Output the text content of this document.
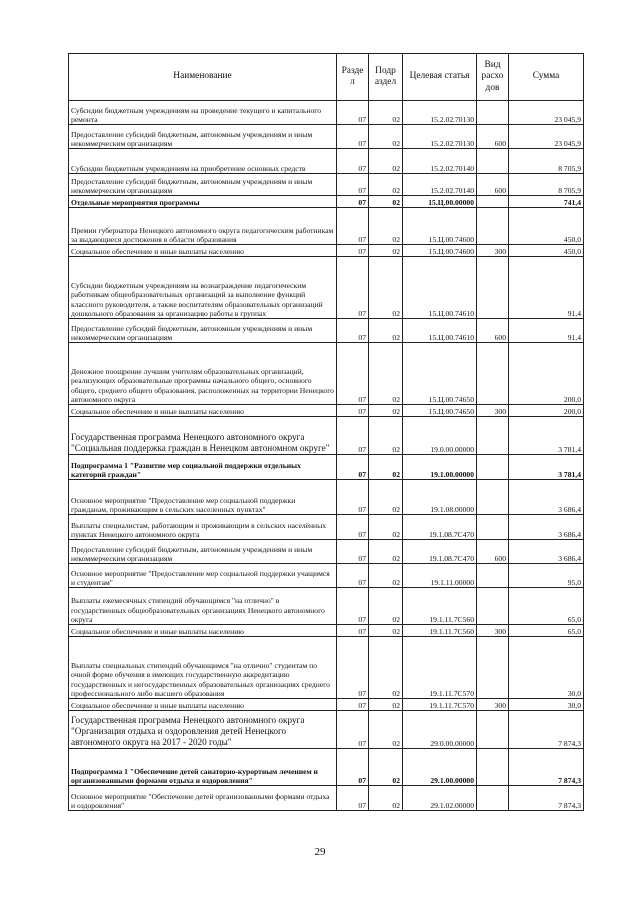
Наименование	Разде л	Подр аздел	Целевая статья	Вид расхо дов	Сумма
Субсидии бюджетным учреждениям на проведение текущего и капитального ремонта	07	02	15.2.02.70130		23 045,9
Предоставление субсидий бюджетным, автономным учреждениям и иным некоммерческим организациям	07	02	15.2.02.70130	600	23 045,9
Субсидии бюджетным учреждениям на приобретение основных средств	07	02	15.2.02.70140		8 705,9
Предоставление субсидий бюджетным, автономным учреждениям и иным некоммерческим организациям	07	02	15.2.02.70140	600	8 705,9
Отдельные мероприятия программы	07	02	15.Ц.00.00000		741,4
Премии губернатора Ненецкого автономного округа педагогическим работникам за выдающиеся достижения в области образования	07	02	15.Ц.00.74600		450,0
Социальное обеспечение и иные выплаты населению	07	02	15.Ц.00.74600	300	450,0
Субсидии бюджетным учреждениям на вознаграждение педагогическим работникам общеобразовательных организаций за выполнение функций классного руководителя, а также воспитателям образовательных организаций дошкольного образования за организацию работы в группах	07	02	15.Ц.00.74610		91,4
Предоставление субсидий бюджетным, автономным учреждениям и иным некоммерческим организациям	07	02	15.Ц.00.74610	600	91,4
Денежное поощрение лучшим учителям образовательных организаций, реализующих образовательные программы начального общего, основного общего, среднего общего образования, расположенных на территории Ненецкого автономного округа	07	02	15.Ц.00.74650		200,0
Социальное обеспечение и иные выплаты населению	07	02	15.Ц.00.74650	300	200,0
Государственная программа Ненецкого автономного округа "Социальная поддержка граждан в Ненецком автономном округе"	07	02	19.0.00.00000		3 781,4
Подпрограмма 1 "Развитие мер социальной поддержки отдельных категорий граждан"	07	02	19.1.00.00000		3 781,4
Основное мероприятие "Предоставление мер социальной поддержки гражданам, проживающим в сельских населенных пунктах"	07	02	19.1.08.00000		3 686,4
Выплаты специалистам, работающим и проживающим в сельских населённых пунктах Ненецкого автономного округа	07	02	19.1.08.7С470		3 686,4
Предоставление субсидий бюджетным, автономным учреждениям и иным некоммерческим организациям	07	02	19.1.08.7С470	600	3 686,4
Основное мероприятие "Предоставление мер социальной поддержки учащимся и студентам"	07	02	19.1.11.00000		95,0
Выплаты ежемесячных стипендий обучающимся "на отлично" в государственных общеобразовательных организациях Ненецкого автономного округа	07	02	19.1.11.7С560		65,0
Социальное обеспечение и иные выплаты населению	07	02	19.1.11.7С560	300	65,0
Выплаты специальных стипендий обучающимся "на отлично" студентам по очной форме обучения в имеющих государственную аккредитацию государственных и негосударственных образовательных организациях среднего профессионального либо высшего образования	07	02	19.1.11.7С570		30,0
Социальное обеспечение и иные выплаты населению	07	02	19.1.11.7С570	300	30,0
Государственная программа Ненецкого автономного округа "Организация отдыха и оздоровления детей Ненецкого автономного округа на 2017 - 2020 годы"	07	02	29.0.00.00000		7 874,3
Подпрограмма 1 "Обеспечение детей санаторно-курортным лечением и организованными формами отдыха и оздоровления"	07	02	29.1.00.00000		7 874,3
Основное мероприятие "Обеспечение детей организованными формами отдыха и оздоровления"	07	02	29.1.02.00000		7 874,3
29
